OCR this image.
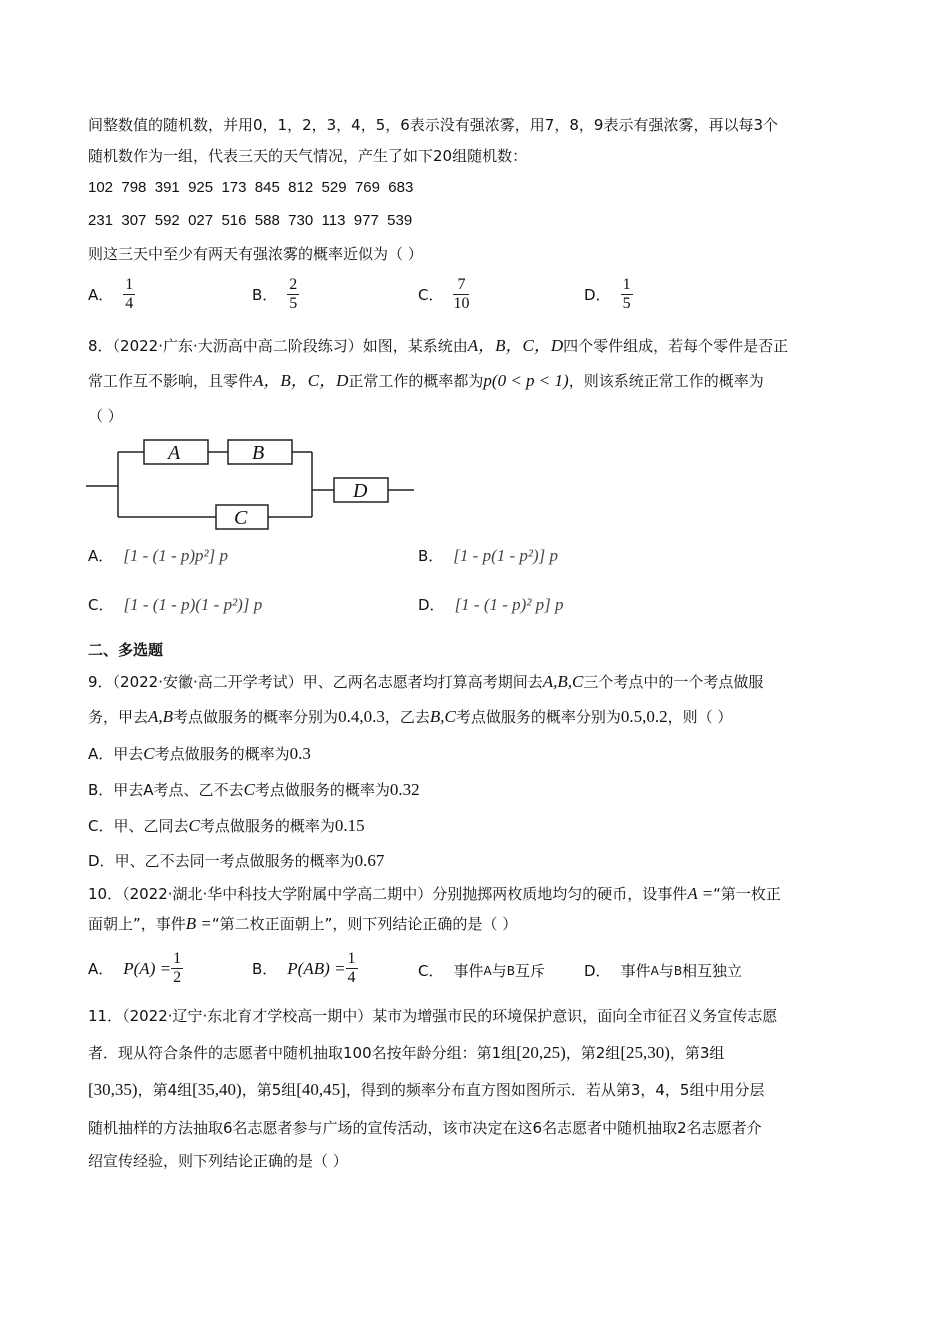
间整数值的随机数，并用0，1，2，3，4，5，6表示没有强浓雾，用7，8，9表示有强浓雾，再以每3个
随机数作为一组，代表三天的天气情况，产生了如下20组随机数：
102  798  391  925  173  845  812  529  769  683
231  307  592  027  516  588  730  113  977  539
则这三天中至少有两天有强浓雾的概率近似为（ ）
A． $\frac{1}{4}$	B． $\frac{2}{5}$	C． $\frac{7}{10}$	D． $\frac{1}{5}$
8．（2022·广东·大沥高中高二阶段练习）如图，某系统由A，B，C，D四个零件组成，若每个零件是否正
常工作互不影响，且零件A，B，C，D正常工作的概率都为p(0 < p < 1)，则该系统正常工作的概率为
（ ）
A	B
C
D
A． [1 - (1 - p)p²] p	B． [1 - p(1 - p²)] p
C． [1 - (1 - p)(1 - p²)] p	D． [1 - (1 - p)² p] p
二、多选题
9．（2022·安徽·高二开学考试）甲、乙两名志愿者均打算高考期间去A,B,C三个考点中的一个考点做服
务，甲去A,B考点做服务的概率分别为0.4,0.3，乙去B,C考点做服务的概率分别为0.5,0.2，则（ ）
A．甲去C考点做服务的概率为0.3
B．甲去A考点、乙不去C考点做服务的概率为0.32
C．甲、乙同去C考点做服务的概率为0.15
D．甲、乙不去同一考点做服务的概率为0.67
10．（2022·湖北·华中科技大学附属中学高二期中）分别抛掷两枚质地均匀的硬币，设事件A =“第一枚正
面朝上”，事件B =“第二枚正面朝上”，则下列结论正确的是（ ）
A． $P(A) = \frac{1}{2}$	B． $P(AB) = \frac{1}{4}$	C． 事件 A 与 B 互斥	D． 事件 A 与 B 相互独立
11．（2022·辽宁·东北育才学校高一期中）某市为增强市民的环境保护意识，面向全市征召义务宣传志愿
者．现从符合条件的志愿者中随机抽取100名按年龄分组：第1组[20,25)，第2组[25,30)，第3组
[30,35)，第4组[35,40)，第5组[40,45]，得到的频率分布直方图如图所示．若从第3，4，5组中用分层
随机抽样的方法抽取6名志愿者参与广场的宣传活动，该市决定在这6名志愿者中随机抽取2名志愿者介
绍宣传经验，则下列结论正确的是（ ）
